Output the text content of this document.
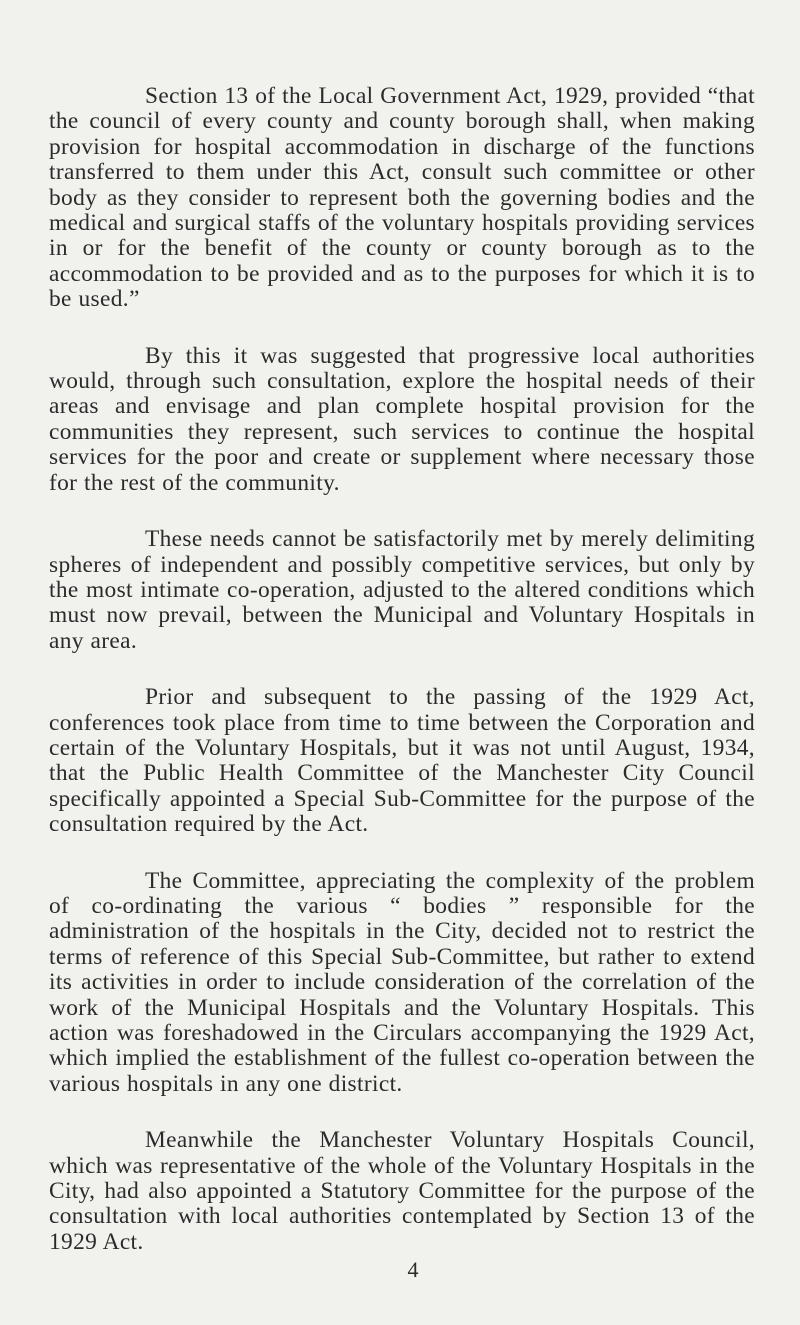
Section 13 of the Local Government Act, 1929, provided “that the council of every county and county borough shall, when making provision for hospital accommodation in discharge of the functions transferred to them under this Act, consult such committee or other body as they consider to represent both the governing bodies and the medical and surgical staffs of the voluntary hospitals providing services in or for the benefit of the county or county borough as to the accommodation to be provided and as to the purposes for which it is to be used.”

By this it was suggested that progressive local authorities would, through such consultation, explore the hospital needs of their areas and envisage and plan complete hospital provision for the communities they represent, such services to continue the hospital services for the poor and create or supplement where necessary those for the rest of the community.

These needs cannot be satisfactorily met by merely delimiting spheres of independent and possibly competitive services, but only by the most intimate co-operation, adjusted to the altered conditions which must now prevail, between the Municipal and Voluntary Hospitals in any area.

Prior and subsequent to the passing of the 1929 Act, conferences took place from time to time between the Corporation and certain of the Voluntary Hospitals, but it was not until August, 1934, that the Public Health Committee of the Manchester City Council specifically appointed a Special Sub-Committee for the purpose of the consultation required by the Act.

The Committee, appreciating the complexity of the problem of co-ordinating the various “ bodies ” responsible for the administration of the hospitals in the City, decided not to restrict the terms of reference of this Special Sub-Committee, but rather to extend its activities in order to include consideration of the correlation of the work of the Municipal Hospitals and the Voluntary Hospitals. This action was foreshadowed in the Circulars accompanying the 1929 Act, which implied the establishment of the fullest co-operation between the various hospitals in any one district.

Meanwhile the Manchester Voluntary Hospitals Council, which was representative of the whole of the Voluntary Hospitals in the City, had also appointed a Statutory Committee for the purpose of the consultation with local authorities contemplated by Section 13 of the 1929 Act.

4
